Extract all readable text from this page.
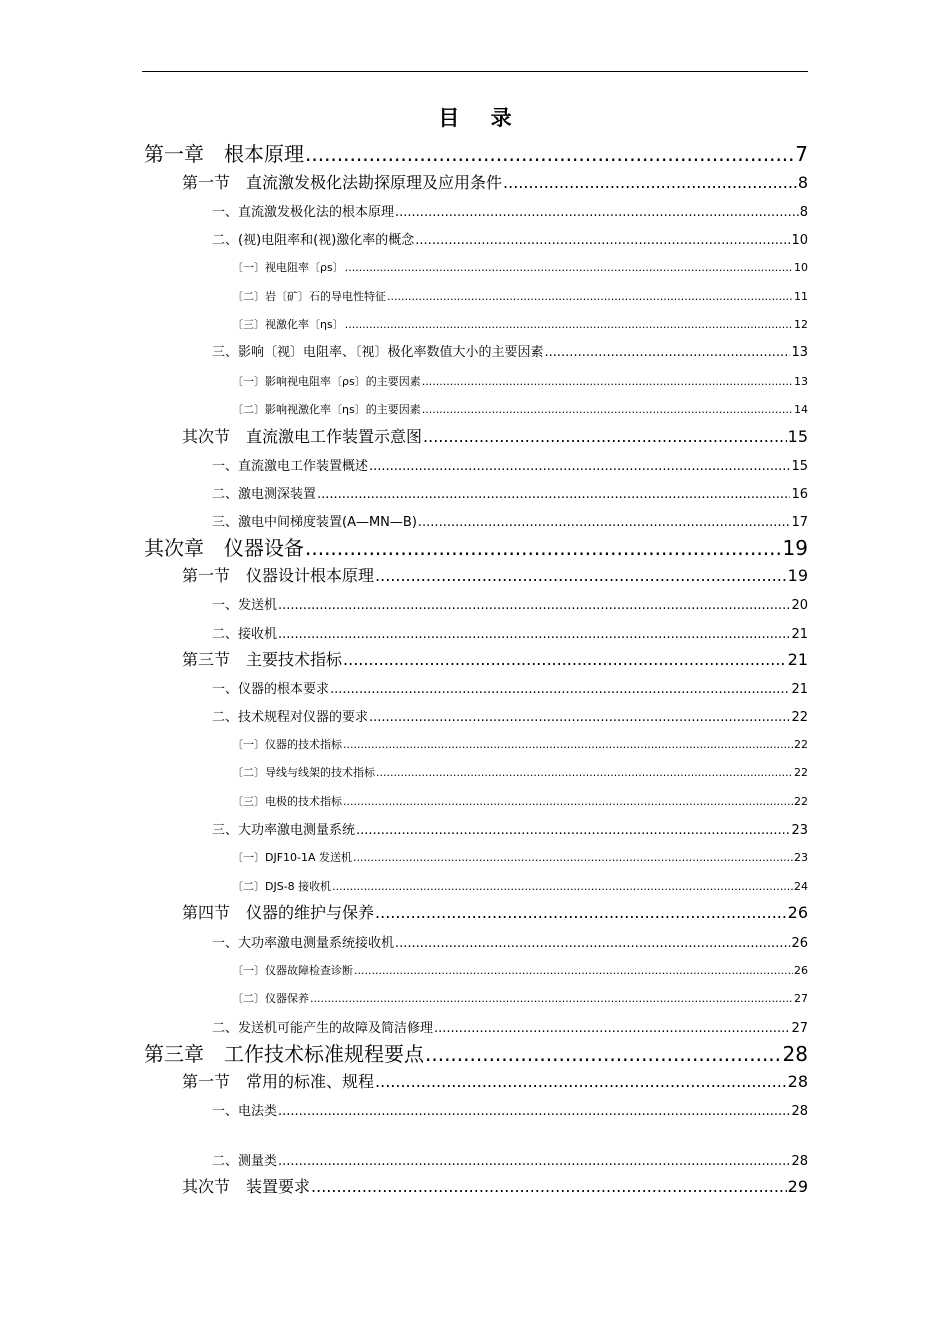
目 录
第一章　根本原理 .....	7
第一节　直流激发极化法勘探原理及应用条件 .....	8
一、直流激发极化法的根本原理 .....	8
二、(视)电阻率和(视)激化率的概念 .....	10
〔一〕视电阻率〔ρs〕 .....	10
〔二〕岩〔矿〕石的导电性特征 .....	11
〔三〕视激化率〔ηs〕 .....	12
三、影响〔视〕电阻率、〔视〕极化率数值大小的主要因素 .....	13
〔一〕影响视电阻率〔ρs〕的主要因素 .....	13
〔二〕影响视激化率〔ηs〕的主要因素 .....	14
其次节　直流激电工作装置示意图 .....	15
一、直流激电工作装置概述 .....	15
二、激电测深装置 .....	16
三、激电中间梯度装置(A—MN—B) .....	17
其次章　仪器设备 .....	19
第一节　仪器设计根本原理 .....	19
一、发送机 .....	20
二、接收机 .....	21
第三节　主要技术指标 .....	21
一、仪器的根本要求 .....	21
二、技术规程对仪器的要求 .....	22
〔一〕仪器的技术指标 .....	22
〔二〕导线与线架的技术指标 .....	22
〔三〕电极的技术指标 .....	22
三、大功率激电测量系统 .....	23
〔一〕DJF10-1A 发送机 .....	23
〔二〕DJS-8 接收机 .....	24
第四节　仪器的维护与保养 .....	26
一、大功率激电测量系统接收机 .....	26
〔一〕仪器故障检查诊断 .....	26
〔二〕仪器保养 .....	27
二、发送机可能产生的故障及简洁修理 .....	27
第三章　工作技术标准规程要点 .....	28
第一节　常用的标准、规程 .....	28
一、电法类 .....	28
二、测量类 .....	28
其次节　装置要求 .....	29
